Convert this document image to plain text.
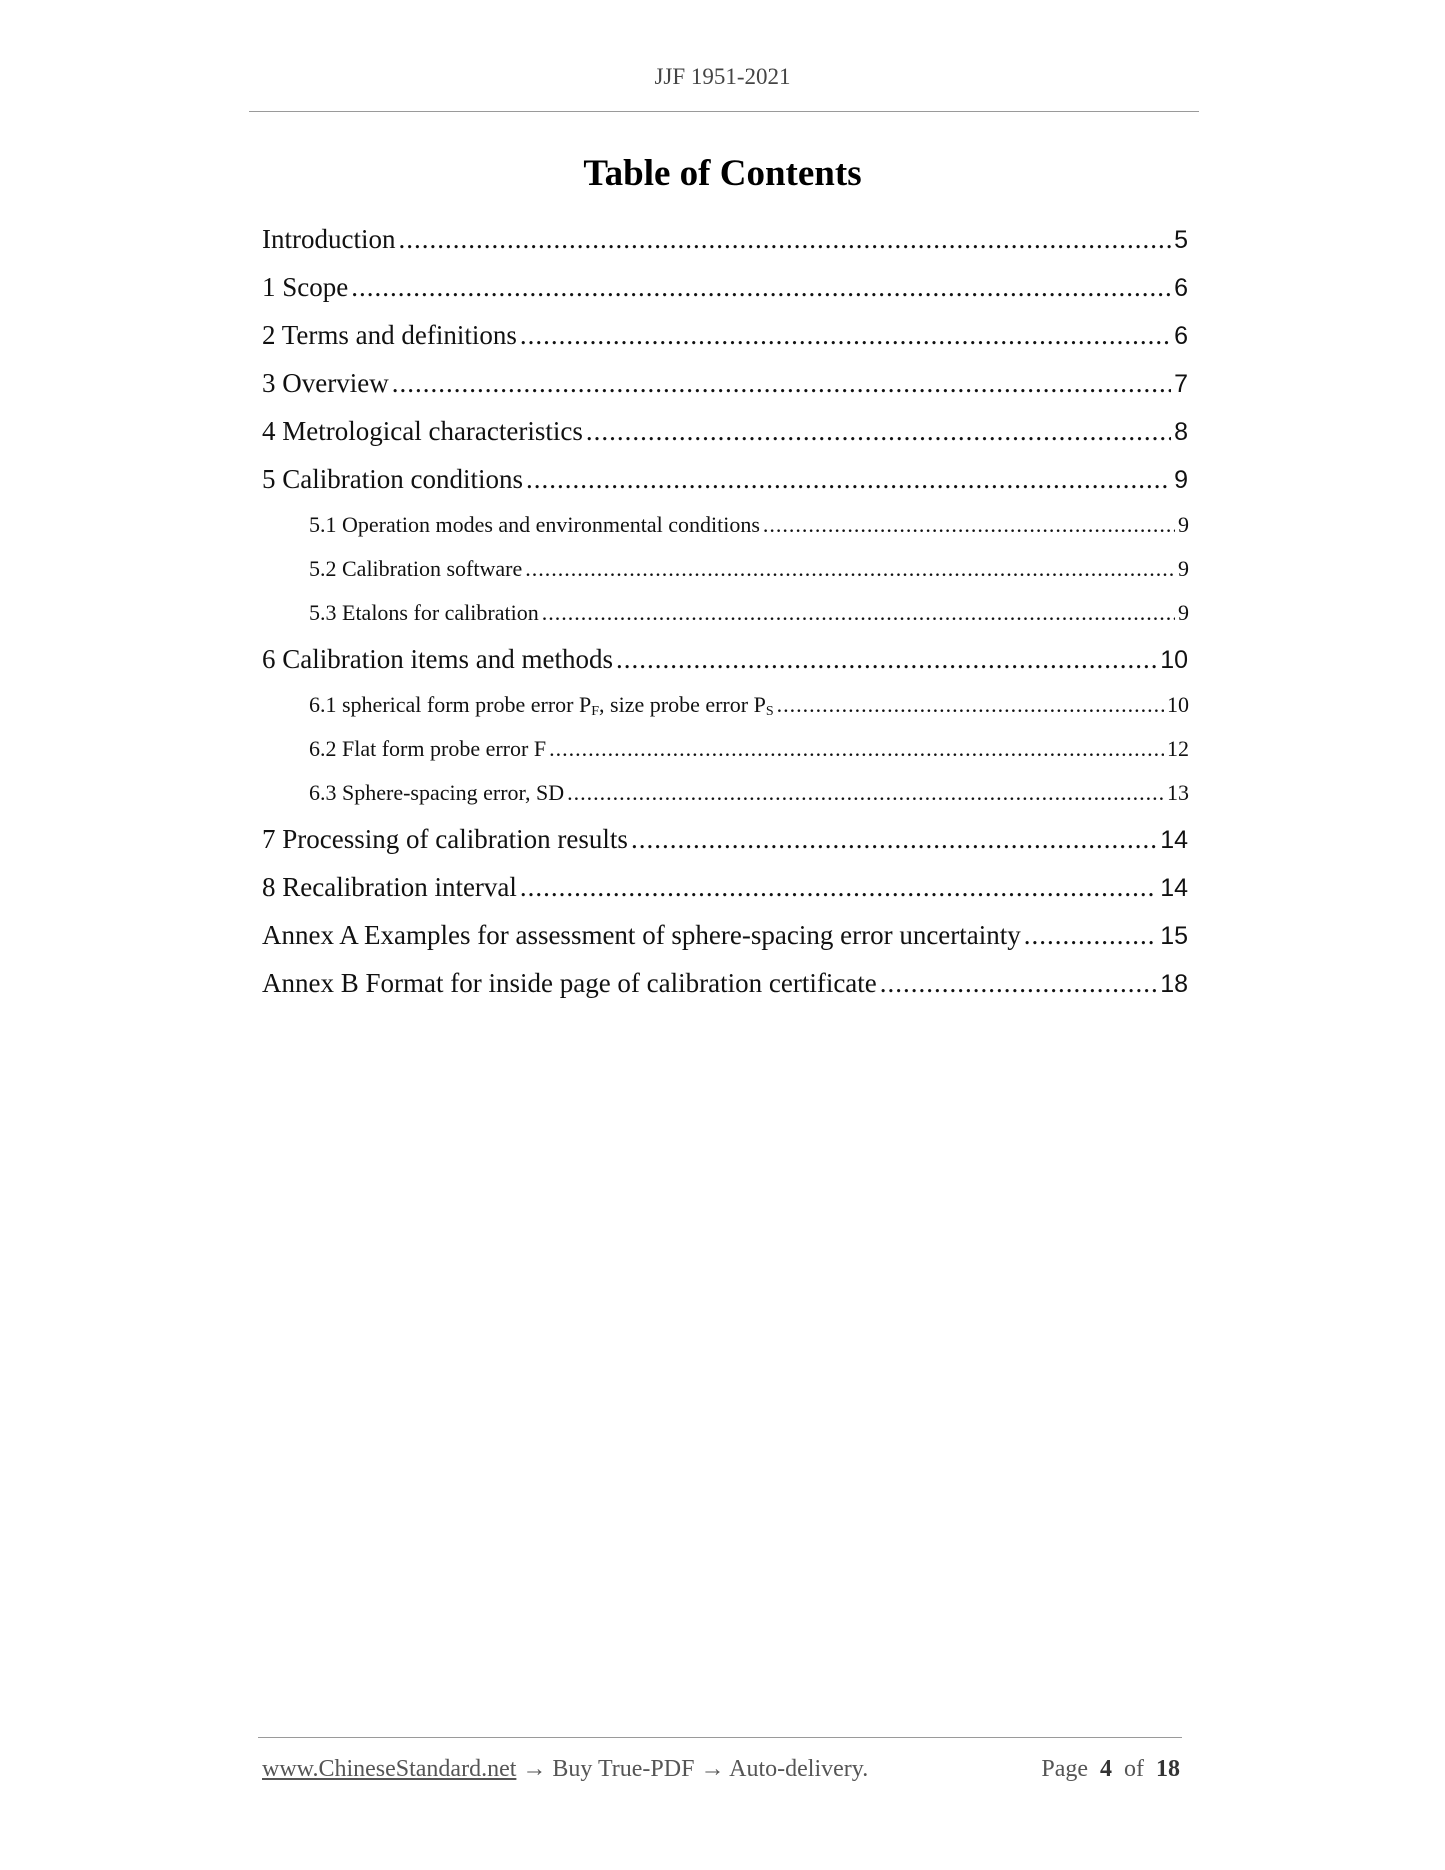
JJF 1951-2021
Table of Contents
Introduction .....	5
1 Scope .....	6
2 Terms and definitions .....	6
3 Overview .....	7
4 Metrological characteristics .....	8
5 Calibration conditions .....	9
5.1 Operation modes and environmental conditions .....	9
5.2 Calibration software .....	9
5.3 Etalons for calibration .....	9
6 Calibration items and methods .....	10
6.1 spherical form probe error $P_F$, size probe error $P_S$ .....	10
6.2 Flat form probe error F .....	12
6.3 Sphere-spacing error, SD .....	13
7 Processing of calibration results .....	14
8 Recalibration interval .....	14
Annex A Examples for assessment of sphere-spacing error uncertainty .....	15
Annex B Format for inside page of calibration certificate .....	18
www.ChineseStandard.net → Buy True-PDF → Auto-delivery.	Page 4 of 18
